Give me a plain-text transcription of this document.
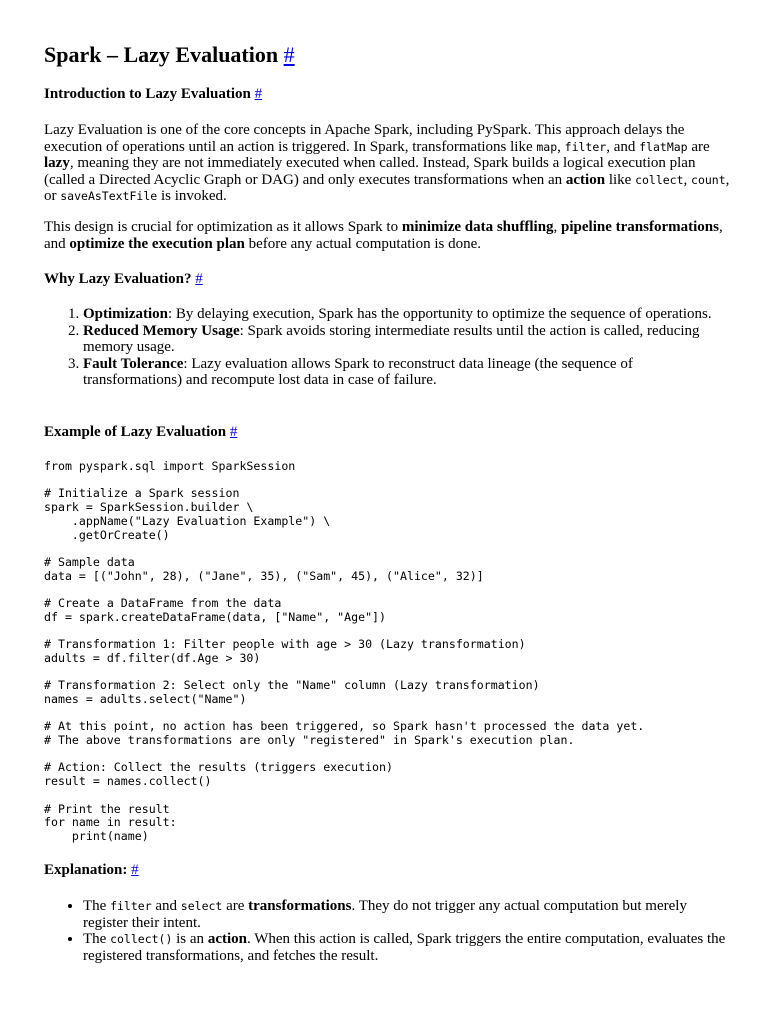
Spark – Lazy Evaluation #
Introduction to Lazy Evaluation #

Lazy Evaluation is one of the core concepts in Apache Spark, including PySpark. This approach delays the execution of operations until an action is triggered. In Spark, transformations like map, filter, and flatMap are lazy, meaning they are not immediately executed when called. Instead, Spark builds a logical execution plan (called a Directed Acyclic Graph or DAG) and only executes transformations when an action like collect, count, or saveAsTextFile is invoked.

This design is crucial for optimization as it allows Spark to minimize data shuffling, pipeline transformations, and optimize the execution plan before any actual computation is done.

Why Lazy Evaluation? #
1. Optimization: By delaying execution, Spark has the opportunity to optimize the sequence of operations.
2. Reduced Memory Usage: Spark avoids storing intermediate results until the action is called, reducing memory usage.
3. Fault Tolerance: Lazy evaluation allows Spark to reconstruct data lineage (the sequence of transformations) and recompute lost data in case of failure.
Example of Lazy Evaluation #
from pyspark.sql import SparkSession

# Initialize a Spark session
spark = SparkSession.builder \
.appName("Lazy Evaluation Example") \
.getOrCreate()

# Sample data
data = [("John", 28), ("Jane", 35), ("Sam", 45), ("Alice", 32)]

# Create a DataFrame from the data
df = spark.createDataFrame(data, ["Name", "Age"])

# Transformation 1: Filter people with age > 30 (Lazy transformation)
adults = df.filter(df.Age > 30)

# Transformation 2: Select only the "Name" column (Lazy transformation)
names = adults.select("Name")

# At this point, no action has been triggered, so Spark hasn't processed the data yet.
# The above transformations are only "registered" in Spark's execution plan.

# Action: Collect the results (triggers execution)
result = names.collect()

# Print the result
for name in result:
print(name)
Explanation: #
• The filter and select are transformations. They do not trigger any actual computation but merely register their intent.
• The collect() is an action. When this action is called, Spark triggers the entire computation, evaluates the registered transformations, and fetches the result.
